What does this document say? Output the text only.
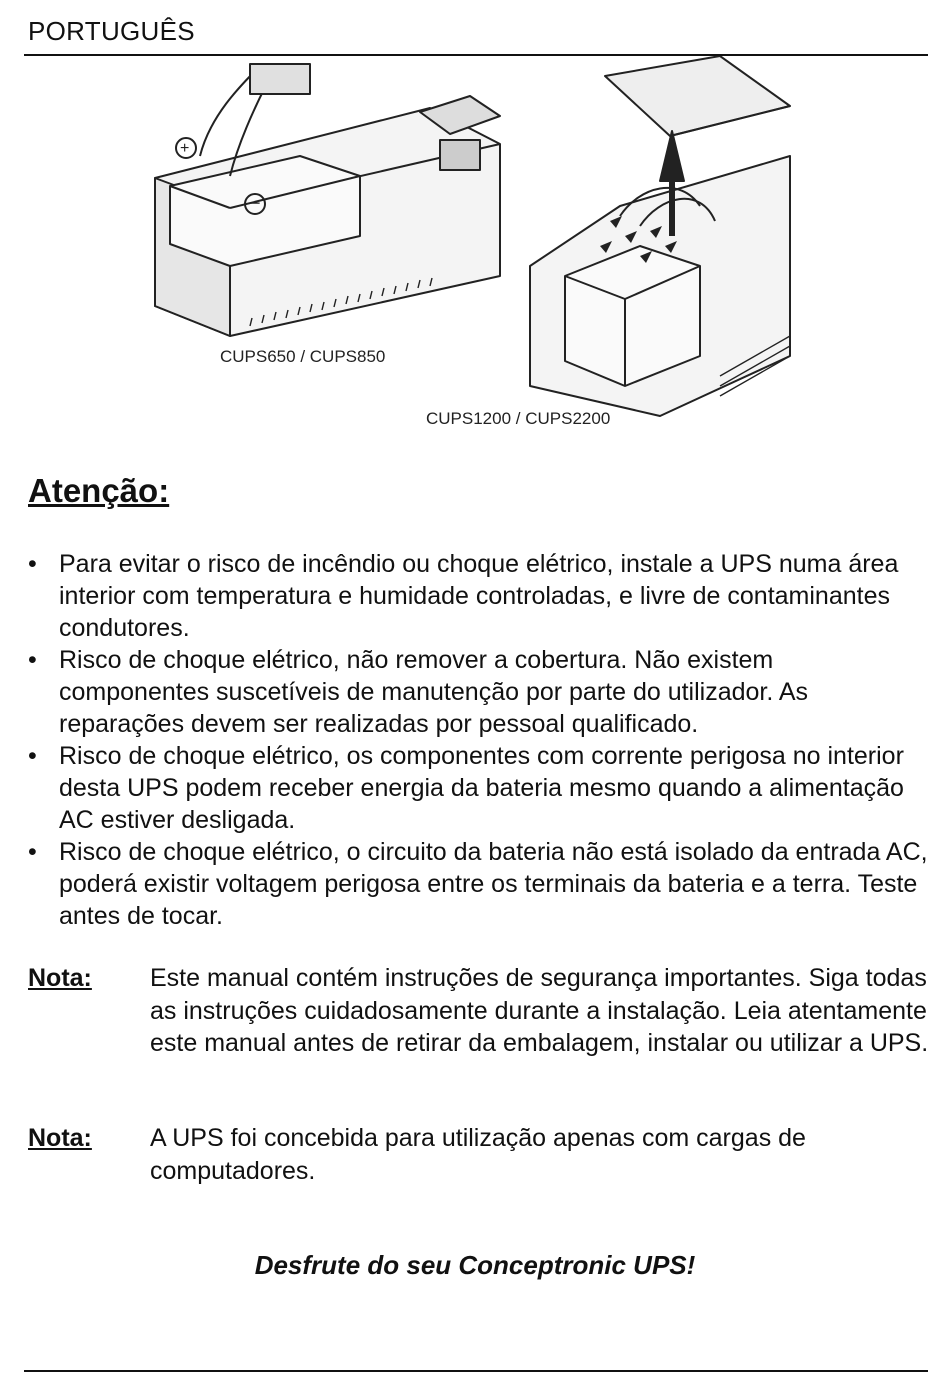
PORTUGUÊS
+
−
CUPS650 / CUPS850
CUPS1200 / CUPS2200
Atenção:
• Para evitar o risco de incêndio ou choque elétrico, instale a UPS numa área interior com temperatura e humidade controladas, e livre de contaminantes condutores.
• Risco de choque elétrico, não remover a cobertura. Não existem componentes suscetíveis de manutenção por parte do utilizador. As reparações devem ser realizadas por pessoal qualificado.
• Risco de choque elétrico, os componentes com corrente perigosa no interior desta UPS podem receber energia da bateria mesmo quando a alimentação AC estiver desligada.
• Risco de choque elétrico, o circuito da bateria não está isolado da entrada AC, poderá existir voltagem perigosa entre os terminais da bateria e a terra. Teste antes de tocar.
Nota: Este manual contém instruções de segurança importantes. Siga todas as instruções cuidadosamente durante a instalação. Leia atentamente este manual antes de retirar da embalagem, instalar ou utilizar a UPS.
Nota: A UPS foi concebida para utilização apenas com cargas de computadores.
Desfrute do seu Conceptronic UPS!
